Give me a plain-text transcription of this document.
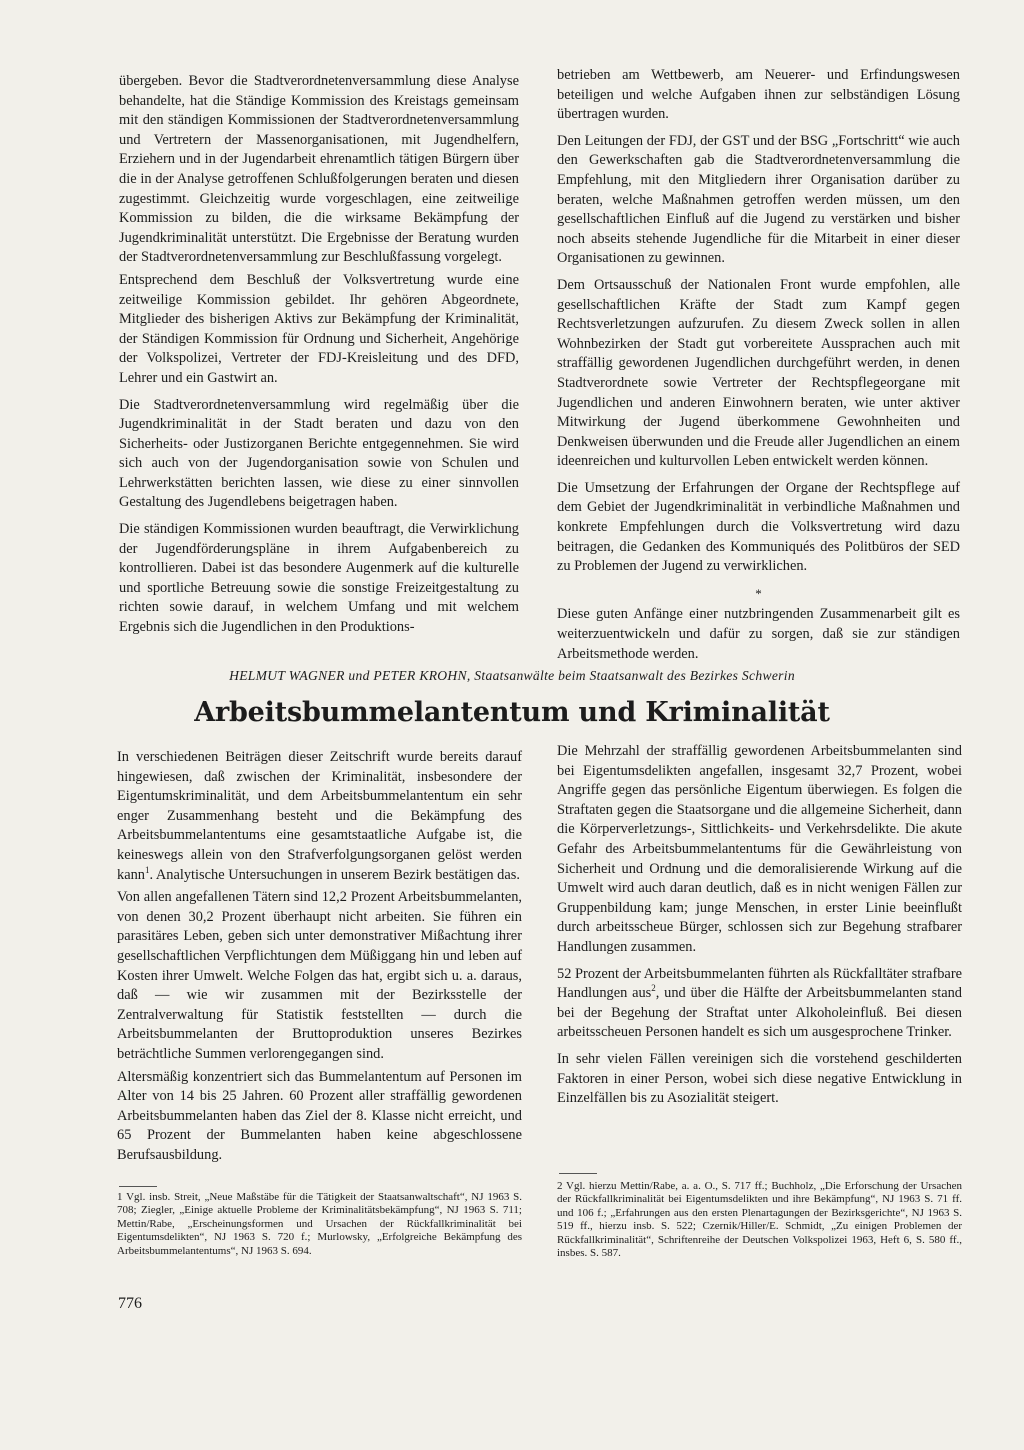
übergeben. Bevor die Stadtverordnetenversammlung diese Analyse behandelte, hat die Ständige Kommission des Kreistags gemeinsam mit den ständigen Kommissionen der Stadtverordnetenversammlung und Vertretern der Massenorganisationen, mit Jugendhelfern, Erziehern und in der Jugendarbeit ehrenamtlich tätigen Bürgern über die in der Analyse getroffenen Schlußfolgerungen beraten und diesen zugestimmt. Gleichzeitig wurde vorgeschlagen, eine zeitweilige Kommission zu bilden, die die wirksame Bekämpfung der Jugendkriminalität unterstützt. Die Ergebnisse der Beratung wurden der Stadtverordnetenversammlung zur Beschlußfassung vorgelegt.

Entsprechend dem Beschluß der Volksvertretung wurde eine zeitweilige Kommission gebildet. Ihr gehören Abgeordnete, Mitglieder des bisherigen Aktivs zur Bekämpfung der Kriminalität, der Ständigen Kommission für Ordnung und Sicherheit, Angehörige der Volkspolizei, Vertreter der FDJ-Kreisleitung und des DFD, Lehrer und ein Gastwirt an.

Die Stadtverordnetenversammlung wird regelmäßig über die Jugendkriminalität in der Stadt beraten und dazu von den Sicherheits- oder Justizorganen Berichte entgegennehmen. Sie wird sich auch von der Jugendorganisation sowie von Schulen und Lehrwerkstätten berichten lassen, wie diese zu einer sinnvollen Gestaltung des Jugendlebens beigetragen haben.

Die ständigen Kommissionen wurden beauftragt, die Verwirklichung der Jugendförderungspläne in ihrem Aufgabenbereich zu kontrollieren. Dabei ist das besondere Augenmerk auf die kulturelle und sportliche Betreuung sowie die sonstige Freizeitgestaltung zu richten sowie darauf, in welchem Umfang und mit welchem Ergebnis sich die Jugendlichen in den Produktions-

betrieben am Wettbewerb, am Neuerer- und Erfindungswesen beteiligen und welche Aufgaben ihnen zur selbständigen Lösung übertragen wurden.

Den Leitungen der FDJ, der GST und der BSG „Fortschritt“ wie auch den Gewerkschaften gab die Stadtverordnetenversammlung die Empfehlung, mit den Mitgliedern ihrer Organisation darüber zu beraten, welche Maßnahmen getroffen werden müssen, um den gesellschaftlichen Einfluß auf die Jugend zu verstärken und bisher noch abseits stehende Jugendliche für die Mitarbeit in einer dieser Organisationen zu gewinnen.

Dem Ortsausschuß der Nationalen Front wurde empfohlen, alle gesellschaftlichen Kräfte der Stadt zum Kampf gegen Rechtsverletzungen aufzurufen. Zu diesem Zweck sollen in allen Wohnbezirken der Stadt gut vorbereitete Aussprachen auch mit straffällig gewordenen Jugendlichen durchgeführt werden, in denen Stadtverordnete sowie Vertreter der Rechtspflegeorgane mit Jugendlichen und anderen Einwohnern beraten, wie unter aktiver Mitwirkung der Jugend überkommene Gewohnheiten und Denkweisen überwunden und die Freude aller Jugendlichen an einem ideenreichen und kulturvollen Leben entwickelt werden können.

Die Umsetzung der Erfahrungen der Organe der Rechtspflege auf dem Gebiet der Jugendkriminalität in verbindliche Maßnahmen und konkrete Empfehlungen durch die Volksvertretung wird dazu beitragen, die Gedanken des Kommuniqués des Politbüros der SED zu Problemen der Jugend zu verwirklichen.

*

Diese guten Anfänge einer nutzbringenden Zusammenarbeit gilt es weiterzuentwickeln und dafür zu sorgen, daß sie zur ständigen Arbeitsmethode werden.

HELMUT WAGNER und PETER KROHN, Staatsanwälte beim Staatsanwalt des Bezirkes Schwerin
Arbeitsbummelantentum und Kriminalität

In verschiedenen Beiträgen dieser Zeitschrift wurde bereits darauf hingewiesen, daß zwischen der Kriminalität, insbesondere der Eigentumskriminalität, und dem Arbeitsbummelantentum ein sehr enger Zusammenhang besteht und die Bekämpfung des Arbeitsbummelantentums eine gesamtstaatliche Aufgabe ist, die keineswegs allein von den Strafverfolgungsorganen gelöst werden kann$^1$. Analytische Untersuchungen in unserem Bezirk bestätigen das.

Von allen angefallenen Tätern sind 12,2 Prozent Arbeitsbummelanten, von denen 30,2 Prozent überhaupt nicht arbeiten. Sie führen ein parasitäres Leben, geben sich unter demonstrativer Mißachtung ihrer gesellschaftlichen Verpflichtungen dem Müßiggang hin und leben auf Kosten ihrer Umwelt. Welche Folgen das hat, ergibt sich u. a. daraus, daß — wie wir zusammen mit der Bezirksstelle der Zentralverwaltung für Statistik feststellten — durch die Arbeitsbummelanten der Bruttoproduktion unseres Bezirkes beträchtliche Summen verlorengegangen sind.

Altersmäßig konzentriert sich das Bummelantentum auf Personen im Alter von 14 bis 25 Jahren. 60 Prozent aller straffällig gewordenen Arbeitsbummelanten haben das Ziel der 8. Klasse nicht erreicht, und 65 Prozent der Bummelanten haben keine abgeschlossene Berufsausbildung.

Die Mehrzahl der straffällig gewordenen Arbeitsbummelanten sind bei Eigentumsdelikten angefallen, insgesamt 32,7 Prozent, wobei Angriffe gegen das persönliche Eigentum überwiegen. Es folgen die Straftaten gegen die Staatsorgane und die allgemeine Sicherheit, dann die Körperverletzungs-, Sittlichkeits- und Verkehrsdelikte. Die akute Gefahr des Arbeitsbummelantentums für die Gewährleistung von Sicherheit und Ordnung und die demoralisierende Wirkung auf die Umwelt wird auch daran deutlich, daß es in nicht wenigen Fällen zur Gruppenbildung kam; junge Menschen, in erster Linie beeinflußt durch arbeitsscheue Bürger, schlossen sich zur Begehung strafbarer Handlungen zusammen.

52 Prozent der Arbeitsbummelanten führten als Rückfalltäter strafbare Handlungen aus$^2$, und über die Hälfte der Arbeitsbummelanten stand bei der Begehung der Straftat unter Alkoholeinfluß. Bei diesen arbeitsscheuen Personen handelt es sich um ausgesprochene Trinker.

In sehr vielen Fällen vereinigen sich die vorstehend geschilderten Faktoren in einer Person, wobei sich diese negative Entwicklung in Einzelfällen bis zu Asozialität steigert.

1 Vgl. insb. Streit, „Neue Maßstäbe für die Tätigkeit der Staatsanwaltschaft“, NJ 1963 S. 708; Ziegler, „Einige aktuelle Probleme der Kriminalitätsbekämpfung“, NJ 1963 S. 711; Mettin/Rabe, „Erscheinungsformen und Ursachen der Rückfallkriminalität bei Eigentumsdelikten“, NJ 1963 S. 720 f.; Murlowsky, „Erfolgreiche Bekämpfung des Arbeitsbummelantentums“, NJ 1963 S. 694.
2 Vgl. hierzu Mettin/Rabe, a. a. O., S. 717 ff.; Buchholz, „Die Erforschung der Ursachen der Rückfallkriminalität bei Eigentumsdelikten und ihre Bekämpfung“, NJ 1963 S. 71 ff. und 106 f.; „Erfahrungen aus den ersten Plenartagungen der Bezirksgerichte“, NJ 1963 S. 519 ff., hierzu insb. S. 522; Czernik/Hiller/E. Schmidt, „Zu einigen Problemen der Rückfallkriminalität“, Schriftenreihe der Deutschen Volkspolizei 1963, Heft 6, S. 580 ff., insbes. S. 587.
776
